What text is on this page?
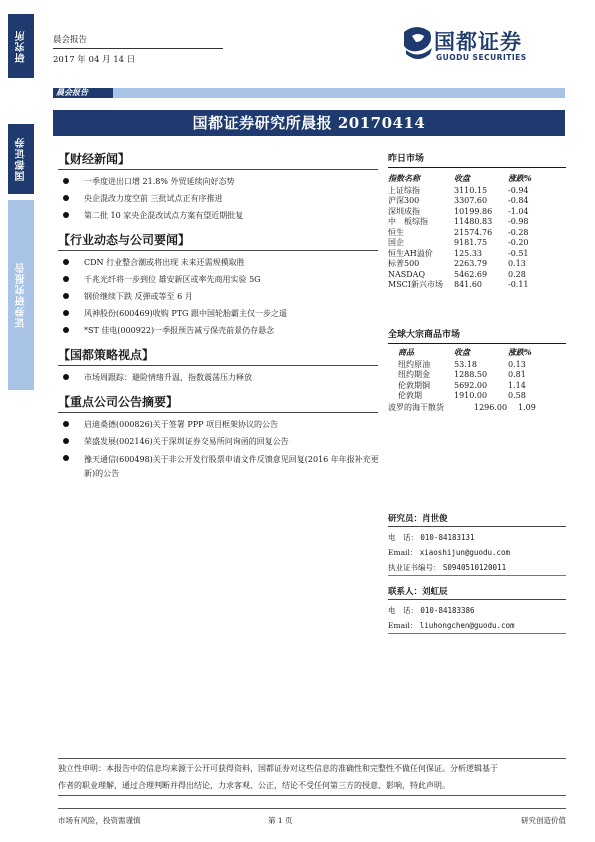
研究所
国都证券
证券研究报告
晨会报告
2017 年 04 月 14 日
国都证券
GUODU SECURITIES
晨会报告
国都证券研究所晨报 20170414
【财经新闻】
一季度进出口增 21.8% 外贸延续向好态势
央企混改力度空前 三批试点正有序推进
第二批 10 家央企混改试点方案有望近期批复
【行业动态与公司要闻】
CDN 行业整合潮或将出现 未来还需规模取胜
千兆光纤将一步到位 雄安新区或率先商用实验 5G
钢价继续下跌 反弹或等至 6 月
风神股份(600469)收购 PTG 跟中国轮胎霸主仅一步之遥
*ST 佳电(000922)一季报预告减亏保壳前景仍存悬念
【国都策略视点】
市场周跟踪：避险情绪升温，指数震荡压力释放
【重点公司公告摘要】
启迪桑德(000826)关于签署 PPP 项目框架协议的公告
荣盛发展(002146)关于深圳证券交易所问询函的回复公告
豫天通信(600498)关于非公开发行股票申请文件反馈意见回复(2016 年年报补充更新)的公告
昨日市场
指数名称	收盘	涨跌%
上证综指	3110.15	-0.94
沪深300	3307.60	-0.84
深圳成指	10199.86	-1.04
中　板综指	11480.83	-0.98
恒生	21574.76	-0.28
国企	9181.75	-0.20
恒生AH溢价	125.33	-0.51
标普500	2263.79	0.13
NASDAQ	5462.69	0.28
MSCI新兴市场	841.60	-0.11
全球大宗商品市场
商品	收盘	涨跌%
纽约原油	53.18	0.13
纽约期金	1288.50	0.81
伦敦期铜	5692.00	1.14
伦敦期	1910.00	0.58
波罗的海干散货	1296.00 1.09
研究员：肖世俊
电　话： 010-84183131
Email： xiaoshijun@guodu.com
执业证书编号： S0940510120011
联系人：刘虹辰
电　话： 010-84183386
Email： liuhongchen@guodu.com
独立性申明：本报告中的信息均来源于公开可获得资料，国都证券对这些信息的准确性和完整性不做任何保证。分析逻辑基于
作者的职业理解，通过合理判断并得出结论，力求客观、公正，结论不受任何第三方的授意、影响，特此声明。
市场有风险，投资需谨慎	第 1 页	研究创造价值
